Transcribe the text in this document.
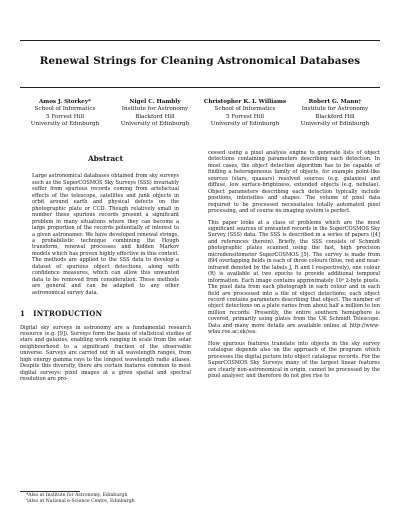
Renewal Strings for Cleaning Astronomical Databases
Amos J. Storkey*
School of Informatics
5 Forrest Hill
University of Edinburgh
Nigel C. Hambly
Institute for Astronomy
Blackford Hill
University of Edinburgh
Christopher K. I. Williams
School of Informatics
5 Forrest Hill
University of Edinburgh
Robert G. Mann†
Institute for Astronomy
Blackford Hill
University of Edinburgh
Abstract
Large astronomical databases obtained from sky surveys such as the SuperCOSMOS Sky Surveys (SSS) invariably suffer from spurious records coming from artefactual effects of the telescope, satellites and junk objects in orbit around earth and physical defects on the photographic plate or CCD. Though relatively small in number these spurious records present a significant problem in many situations where they can become a large proportion of the records potentially of interest to a given astronomer. We have developed renewal strings, a probabilistic technique combining the Hough transform, renewal processes and hidden Markov models which has proven highly effective in this context. The methods are applied to the SSS data to develop a dataset of spurious object detections, along with confidence measures, which can allow this unwanted data to be removed from consideration. These methods are general and can be adapted to any other astronomical survey data.
1 INTRODUCTION

Digital sky surveys in astronomy are a fundamental research resource (e.g. [9]). Surveys form the basis of statistical studies of stars and galaxies, enabling work ranging in scale from the solar neighbourhood to a significant fraction of the observable universe. Surveys are carried out in all wavelength ranges, from high energy gamma rays to the longest wavelength radio atlases. Despite this diversity, there are certain features common to most digital surveys: pixel images at a given spatial and spectral resolution are pro-

*Also at Institute for Astronomy, Edinburgh
†Also at National e-Science Centre, Edinburgh

cessed using a pixel analysis engine to generate lists of object detections containing parameters describing each detection. In most cases, the object detection algorithm has to be capable of finding a heterogeneous family of objects, for example point-like sources (stars, quasars) resolved sources (e.g. galaxies) and diffuse, low surface-brightness, extended objects (e.g. nebulae). Object parameters describing each detection typically include positions, intensities and shapes. The volume of pixel data required to be processed necessitates totally automated pixel processing, and of course no imaging system is perfect.

This paper looks at a class of problems which are the most significant sources of unwanted records in the SuperCOSMOS Sky Survey (SSS) data. The SSS is described in a series of papers ([4] and references therein). Briefly, the SSS consists of Schmidt photographic plates scanned using the fast, high precision microdensitometer SuperCOSMOS [5]. The survey is made from 894 overlapping fields in each of three colours (blue, red and near-infrared denoted by the labels J, R and I respectively), one colour (R) is available at two epochs to provide additional temporal information. Each image contains approximately 10⁹ 2-byte pixels. The pixel data from each photograph in each colour and in each field are processed into a file of object detections; each object record contains parameters describing that object. The number of object detections on a plate varies from about half a million to ten million records. Presently, the entire southern hemisphere is covered, primarily using plates from the UK Schmidt Telescope. Data and many more details are available online at http://www-wfau.roe.ac.uk/sss.

How spurious features translate into objects in the sky survey catalogue depends also on the approach of the program which processes the digital picture into object catalogue records. For the SuperCOSMOS Sky Surveys many of the largest linear features are clearly non-astronomical in origin, cannot be processed by the pixel analyser, and therefore do not give rise to
